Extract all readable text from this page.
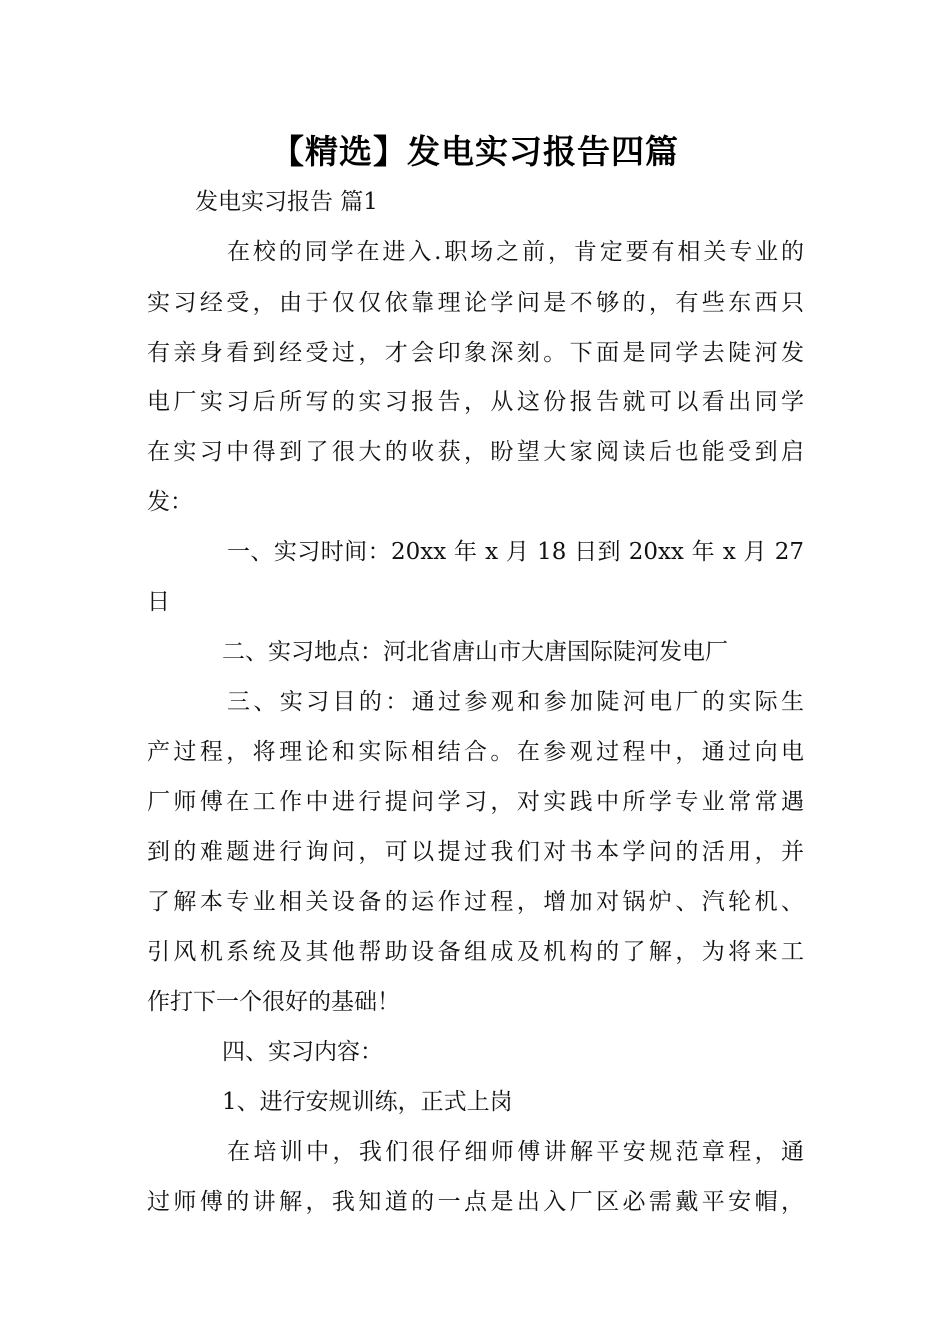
【精选】发电实习报告四篇
发电实习报告 篇1
在校的同学在进入.职场之前，肯定要有相关专业的
实习经受，由于仅仅依靠理论学问是不够的，有些东西只
有亲身看到经受过，才会印象深刻。下面是同学去陡河发
电厂实习后所写的实习报告，从这份报告就可以看出同学
在实习中得到了很大的收获，盼望大家阅读后也能受到启
发：
一、实习时间：20xx 年 x 月 18 日到 20xx 年 x 月 27
日
二、实习地点：河北省唐山市大唐国际陡河发电厂
三、实习目的：通过参观和参加陡河电厂的实际生
产过程，将理论和实际相结合。在参观过程中，通过向电
厂师傅在工作中进行提问学习，对实践中所学专业常常遇
到的难题进行询问，可以提过我们对书本学问的活用，并
了解本专业相关设备的运作过程，增加对锅炉、汽轮机、
引风机系统及其他帮助设备组成及机构的了解，为将来工
作打下一个很好的基础！
四、实习内容：
1、进行安规训练，正式上岗
在培训中，我们很仔细师傅讲解平安规范章程，通
过师傅的讲解，我知道的一点是出入厂区必需戴平安帽，
